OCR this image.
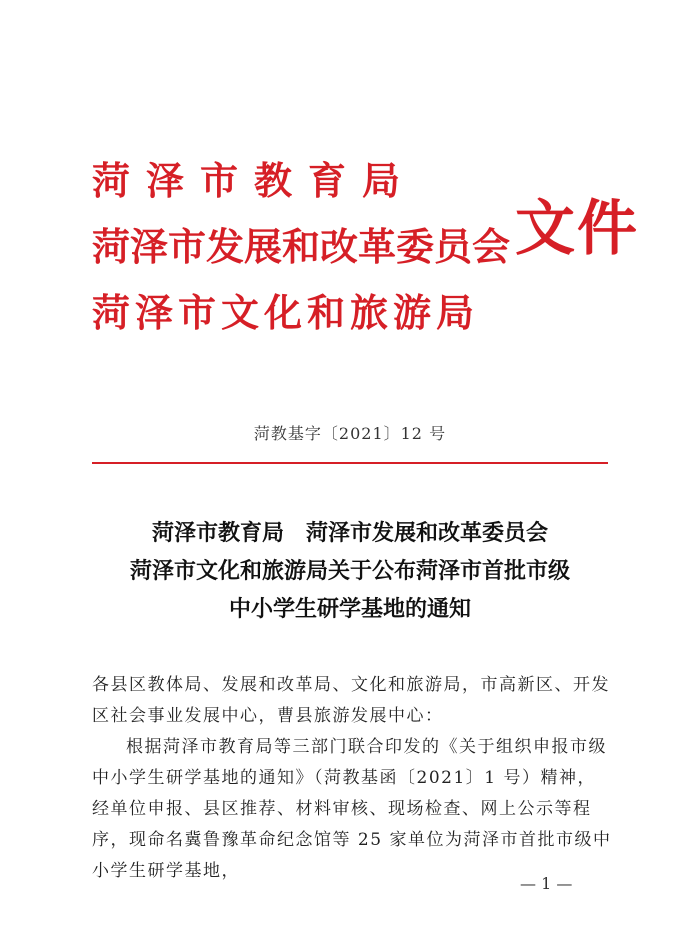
菏泽市教育局
菏泽市发展和改革委员会
菏泽市文化和旅游局
文件
菏教基字〔2021〕12 号
菏泽市教育局　菏泽市发展和改革委员会
菏泽市文化和旅游局关于公布菏泽市首批市级
中小学生研学基地的通知

各县区教体局、发展和改革局、文化和旅游局，市高新区、开发区社会事业发展中心，曹县旅游发展中心：

根据菏泽市教育局等三部门联合印发的《关于组织申报市级中小学生研学基地的通知》（菏教基函〔2021〕1 号）精神，经单位申报、县区推荐、材料审核、现场检查、网上公示等程序，现命名冀鲁豫革命纪念馆等 25 家单位为菏泽市首批市级中小学生研学基地，

— 1 —
